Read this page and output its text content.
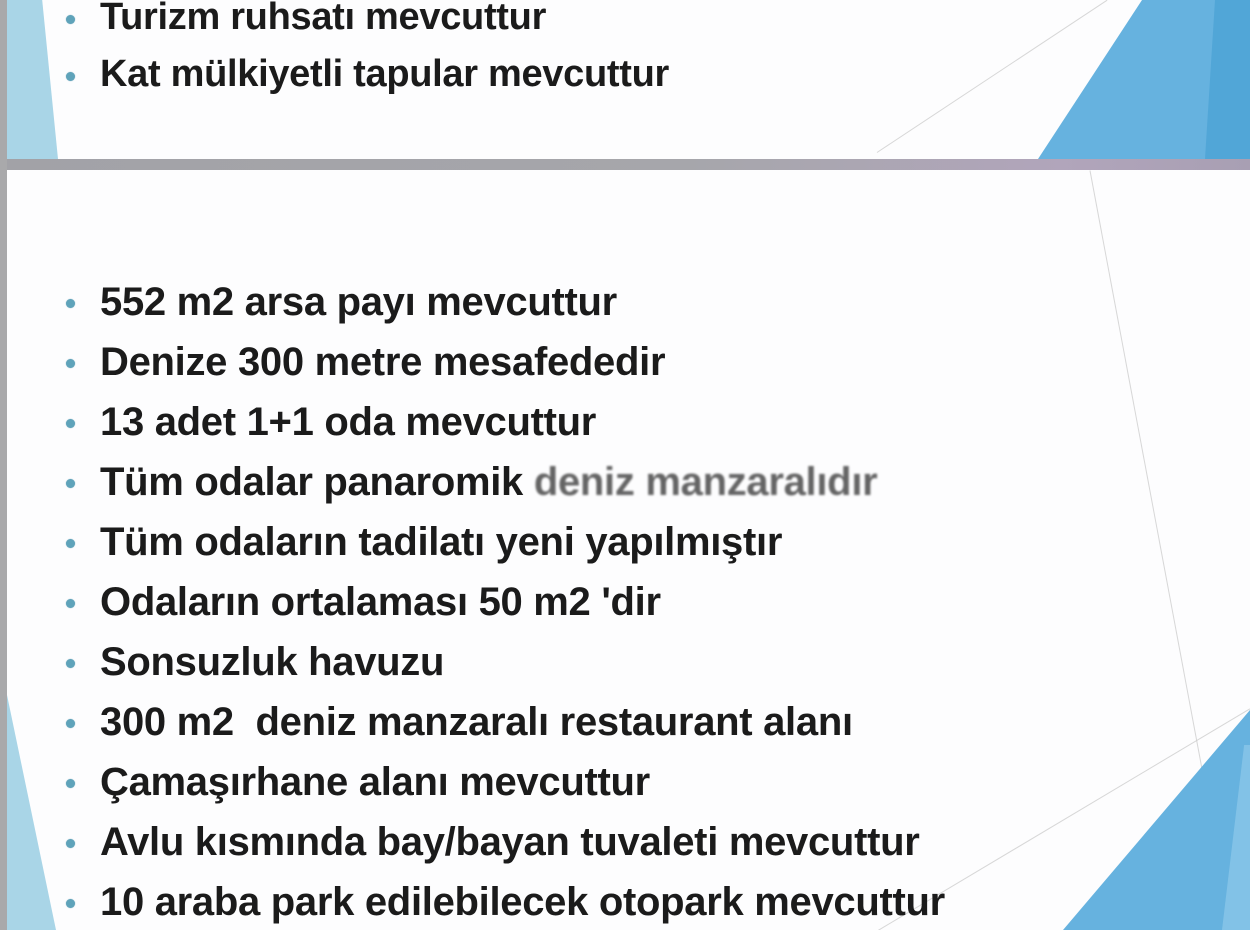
Turizm ruhsatı mevcuttur
Kat mülkiyetli tapular mevcuttur
552 m2 arsa payı mevcuttur
Denize 300 metre mesafededir
13 adet 1+1 oda mevcuttur
Tüm odalar panaromik deniz manzaralıdır
Tüm odaların tadilatı yeni yapılmıştır
Odaların ortalaması 50 m2 'dir
Sonsuzluk havuzu
300 m2  deniz manzaralı restaurant alanı
Çamaşırhane alanı mevcuttur
Avlu kısmında bay/bayan tuvaleti mevcuttur
10 araba park edilebilecek otopark mevcuttur
